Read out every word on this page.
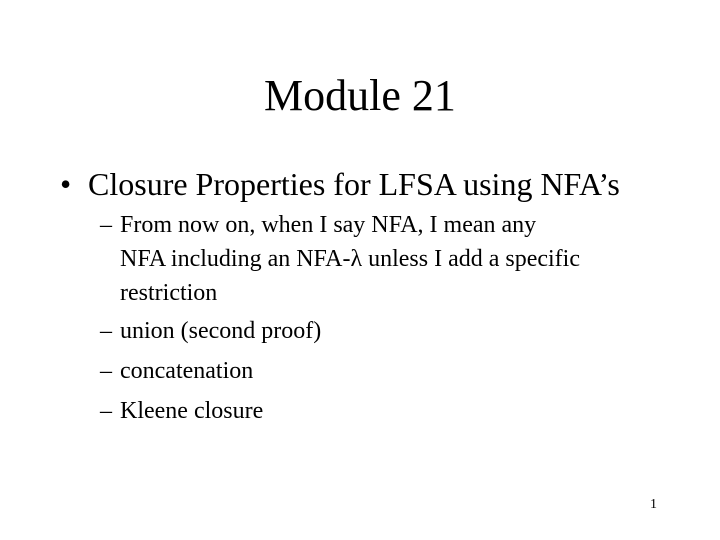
Module 21
• Closure Properties for LFSA using NFA’s
– From now on, when I say NFA, I mean any
NFA including an NFA-λ unless I add a specific
restriction
– union (second proof)
– concatenation
– Kleene closure
1
